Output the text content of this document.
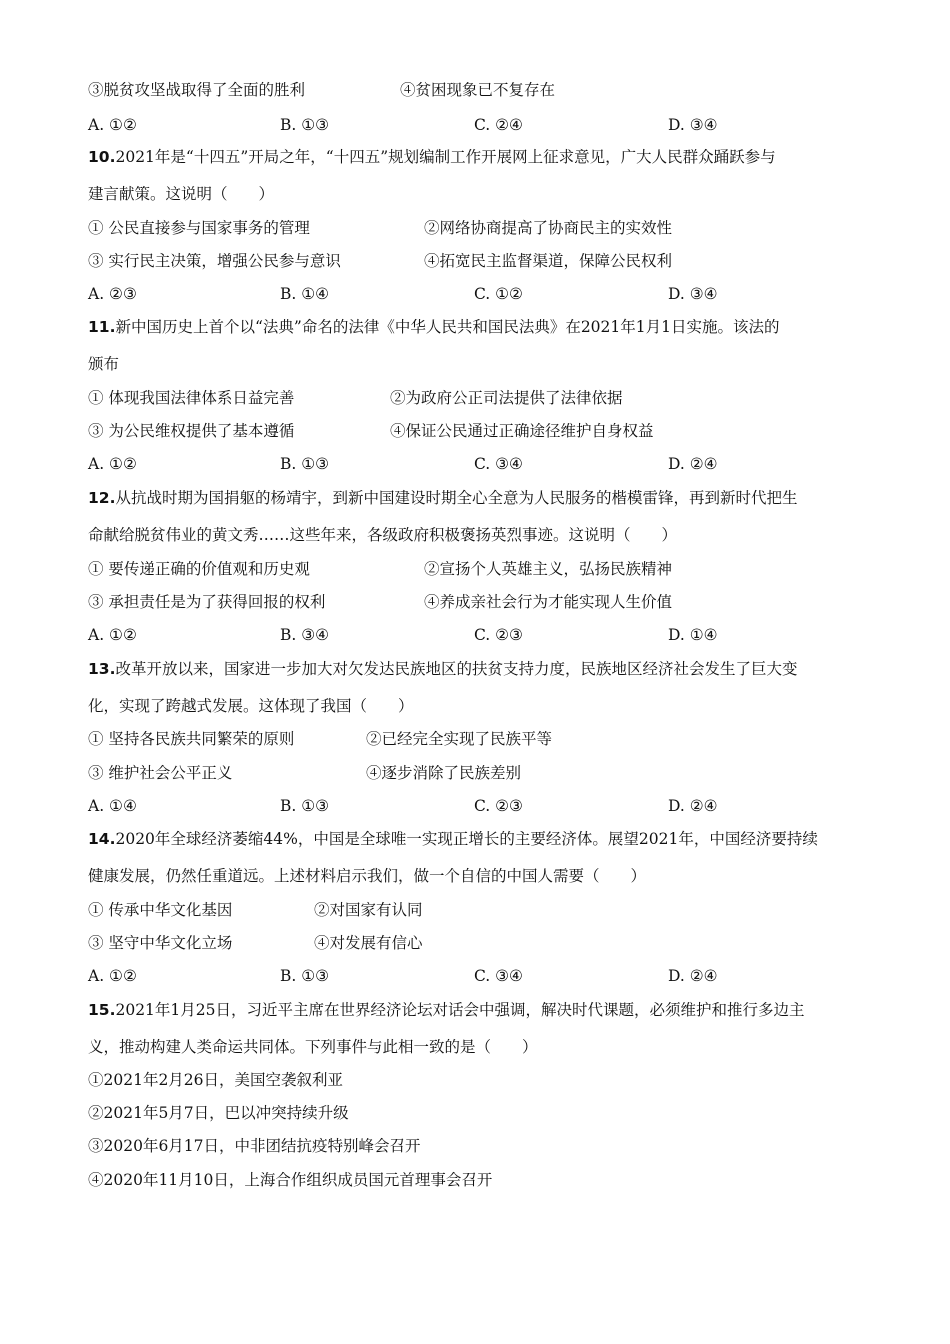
③脱贫攻坚战取得了全面的胜利	④贫困现象已不复存在
A. ①②	B. ①③	C. ②④	D. ③④
10.2021年是“十四五”开局之年，“十四五”规划编制工作开展网上征求意见，广大人民群众踊跃参与
建言献策。这说明（　　）
① 公民直接参与国家事务的管理	②网络协商提高了协商民主的实效性
③ 实行民主决策，增强公民参与意识	④拓宽民主监督渠道，保障公民权利
A. ②③	B. ①④	C. ①②	D. ③④
11.新中国历史上首个以“法典”命名的法律《中华人民共和国民法典》在2021年1月1日实施。该法的
颁布
① 体现我国法律体系日益完善	②为政府公正司法提供了法律依据
③ 为公民维权提供了基本遵循	④保证公民通过正确途径维护自身权益
A. ①②	B. ①③	C. ③④	D. ②④
12.从抗战时期为国捐躯的杨靖宇，到新中国建设时期全心全意为人民服务的楷模雷锋，再到新时代把生
命献给脱贫伟业的黄文秀……这些年来，各级政府积极褒扬英烈事迹。这说明（　　）
① 要传递正确的价值观和历史观	②宣扬个人英雄主义，弘扬民族精神
③ 承担责任是为了获得回报的权利	④养成亲社会行为才能实现人生价值
A. ①②	B. ③④	C. ②③	D. ①④
13.改革开放以来，国家进一步加大对欠发达民族地区的扶贫支持力度，民族地区经济社会发生了巨大变
化，实现了跨越式发展。这体现了我国（　　）
① 坚持各民族共同繁荣的原则	②已经完全实现了民族平等
③ 维护社会公平正义	④逐步消除了民族差别
A. ①④	B. ①③	C. ②③	D. ②④
14.2020年全球经济萎缩44%，中国是全球唯一实现正增长的主要经济体。展望2021年，中国经济要持续
健康发展，仍然任重道远。上述材料启示我们，做一个自信的中国人需要（　　）
① 传承中华文化基因	②对国家有认同
③ 坚守中华文化立场	④对发展有信心
A. ①②	B. ①③	C. ③④	D. ②④
15.2021年1月25日，习近平主席在世界经济论坛对话会中强调，解决时代课题，必须维护和推行多边主
义，推动构建人类命运共同体。下列事件与此相一致的是（　　）
①2021年2月26日，美国空袭叙利亚
②2021年5月7日，巴以冲突持续升级
③2020年6月17日，中非团结抗疫特别峰会召开
④2020年11月10日，上海合作组织成员国元首理事会召开
